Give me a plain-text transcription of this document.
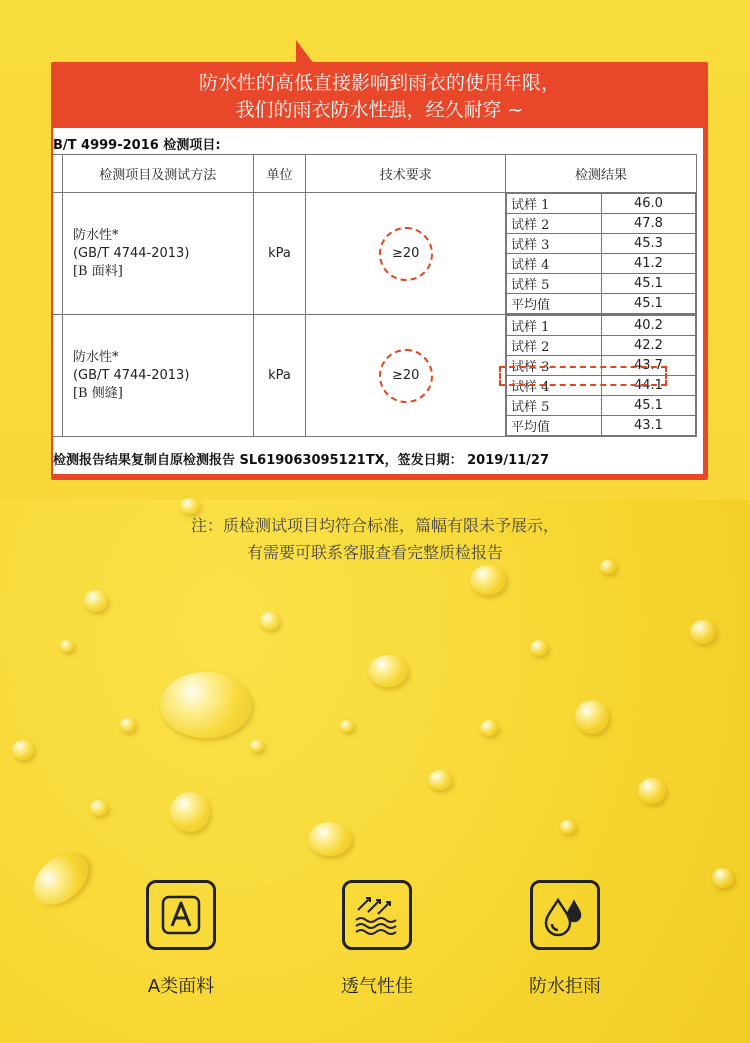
防水性的高低直接影响到雨衣的使用年限，
我们的雨衣防水性强，经久耐穿 ~
B/T 4999-2016 检测项目:
	检测项目及测试方法	单位	技术要求	检测结果

防水性*
(GB/T 4744-2013)
[B 面料]
	kPa	≥20	
试样 1	46.0
试样 2	47.8
试样 3	45.3
试样 4	41.2
试样 5	45.1
平均值	45.1

防水性*
(GB/T 4744-2013)
[B 侧缝]
	kPa	≥20	
试样 1	40.2
试样 2	42.2
试样 3	43.7
试样 4	44.1
试样 5	45.1
平均值	43.1
检测报告结果复制自原检测报告 SL619063095121TX，签发日期： 2019/11/27
注：质检测试项目均符合标准，篇幅有限未予展示，
有需要可联系客服查看完整质检报告
A类面料	透气性佳	防水拒雨
